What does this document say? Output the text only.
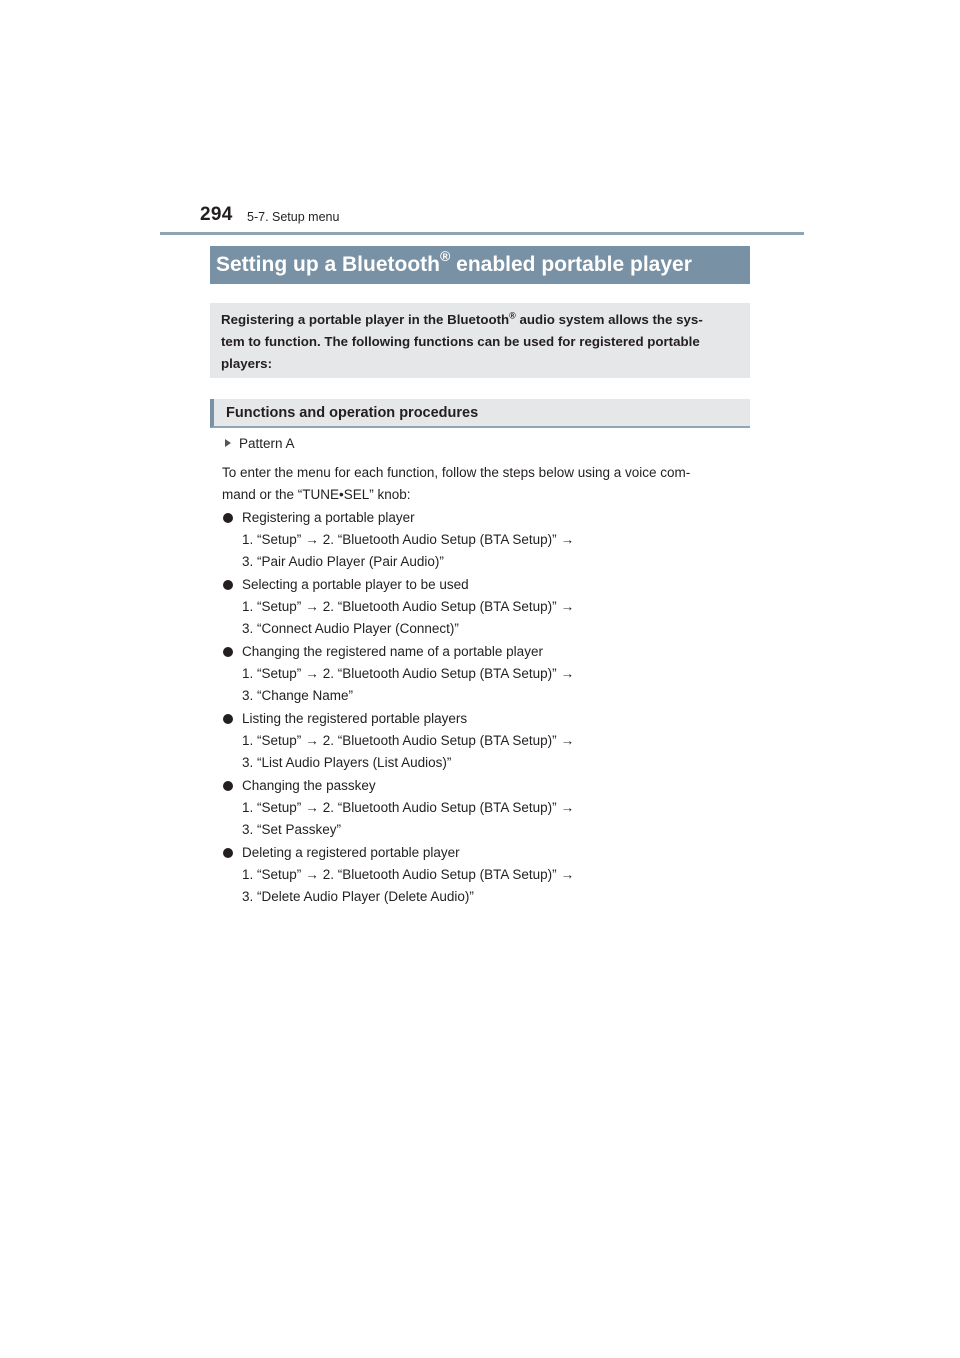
294 5-7. Setup menu
Setting up a Bluetooth® enabled portable player
Registering a portable player in the Bluetooth® audio system allows the sys-
tem to function. The following functions can be used for registered portable
players:
Functions and operation procedures
Pattern A
To enter the menu for each function, follow the steps below using a voice com-
mand or the “TUNE•SEL” knob:
Registering a portable player
1. “Setup” → 2. “Bluetooth Audio Setup (BTA Setup)” →
3. “Pair Audio Player (Pair Audio)”
Selecting a portable player to be used
1. “Setup” → 2. “Bluetooth Audio Setup (BTA Setup)” →
3. “Connect Audio Player (Connect)”
Changing the registered name of a portable player
1. “Setup” → 2. “Bluetooth Audio Setup (BTA Setup)” →
3. “Change Name”
Listing the registered portable players
1. “Setup” → 2. “Bluetooth Audio Setup (BTA Setup)” →
3. “List Audio Players (List Audios)”
Changing the passkey
1. “Setup” → 2. “Bluetooth Audio Setup (BTA Setup)” →
3. “Set Passkey”
Deleting a registered portable player
1. “Setup” → 2. “Bluetooth Audio Setup (BTA Setup)” →
3. “Delete Audio Player (Delete Audio)”
